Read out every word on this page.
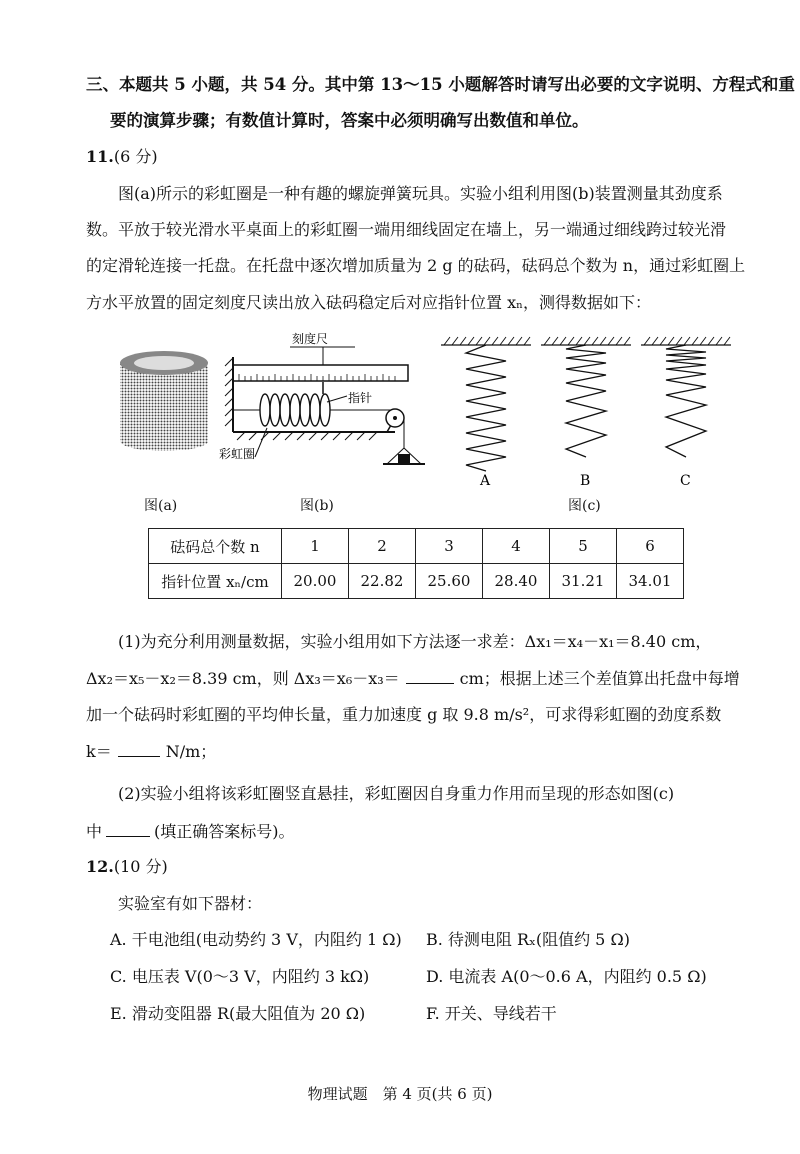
三、本题共 5 小题，共 54 分。其中第 13～15 小题解答时请写出必要的文字说明、方程式和重
要的演算步骤；有数值计算时，答案中必须明确写出数值和单位。
11.(6 分)
图(a)所示的彩虹圈是一种有趣的螺旋弹簧玩具。实验小组利用图(b)装置测量其劲度系
数。平放于较光滑水平桌面上的彩虹圈一端用细线固定在墙上，另一端通过细线跨过较光滑
的定滑轮连接一托盘。在托盘中逐次增加质量为 2 g 的砝码，砝码总个数为 n，通过彩虹圈上
方水平放置的固定刻度尺读出放入砝码稳定后对应指针位置 xₙ，测得数据如下：
刻度尺
指针
彩虹圈
A	B	C
图(a)	图(b)	图(c)
砝码总个数 n	1	2	3	4	5	6
指针位置 xₙ/cm	20.00	22.82	25.60	28.40	31.21	34.01
(1)为充分利用测量数据，实验小组用如下方法逐一求差：Δx₁＝x₄－x₁＝8.40 cm，
Δx₂＝x₅－x₂＝8.39 cm，则 Δx₃＝x₆－x₃＝	cm；根据上述三个差值算出托盘中每增
加一个砝码时彩虹圈的平均伸长量，重力加速度 g 取 9.8 m/s²，可求得彩虹圈的劲度系数
k＝	N/m；
(2)实验小组将该彩虹圈竖直悬挂，彩虹圈因自身重力作用而呈现的形态如图(c)
中	(填正确答案标号)。
12.(10 分)
实验室有如下器材：
A. 干电池组(电动势约 3 V，内阻约 1 Ω) B. 待测电阻 Rₓ(阻值约 5 Ω)
C. 电压表 V(0～3 V，内阻约 3 kΩ)	D. 电流表 A(0～0.6 A，内阻约 0.5 Ω)
E. 滑动变阻器 R(最大阻值为 20 Ω)	F. 开关、导线若干
物理试题　第 4 页(共 6 页)
